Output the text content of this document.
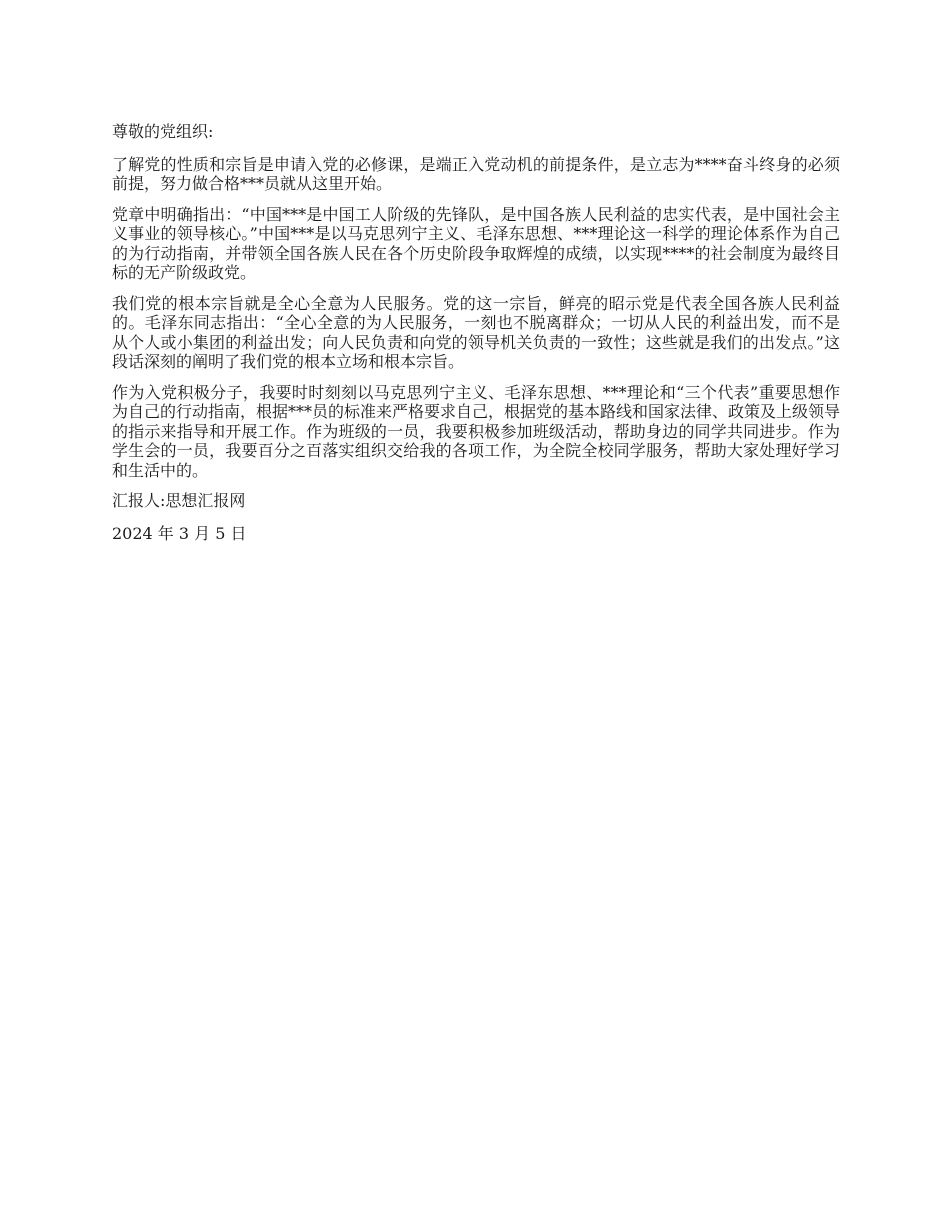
尊敬的党组织:

了解党的性质和宗旨是申请入党的必修课，是端正入党动机的前提条件，是立志为****奋斗终身的必须前提，努力做合格***员就从这里开始。

党章中明确指出：“中国***是中国工人阶级的先锋队，是中国各族人民利益的忠实代表，是中国社会主义事业的领导核心。”中国***是以马克思列宁主义、毛泽东思想、***理论这一科学的理论体系作为自己的为行动指南，并带领全国各族人民在各个历史阶段争取辉煌的成绩，以实现****的社会制度为最终目标的无产阶级政党。

我们党的根本宗旨就是全心全意为人民服务。党的这一宗旨，鲜亮的昭示党是代表全国各族人民利益的。毛泽东同志指出：“全心全意的为人民服务，一刻也不脱离群众；一切从人民的利益出发，而不是从个人或小集团的利益出发；向人民负责和向党的领导机关负责的一致性；这些就是我们的出发点。”这段话深刻的阐明了我们党的根本立场和根本宗旨。

作为入党积极分子，我要时时刻刻以马克思列宁主义、毛泽东思想、***理论和“三个代表”重要思想作为自己的行动指南，根据***员的标准来严格要求自己，根据党的基本路线和国家法律、政策及上级领导的指示来指导和开展工作。作为班级的一员，我要积极参加班级活动，帮助身边的同学共同进步。作为学生会的一员，我要百分之百落实组织交给我的各项工作，为全院全校同学服务，帮助大家处理好学习和生活中的。

汇报人:思想汇报网

2024 年 3 月 5 日
